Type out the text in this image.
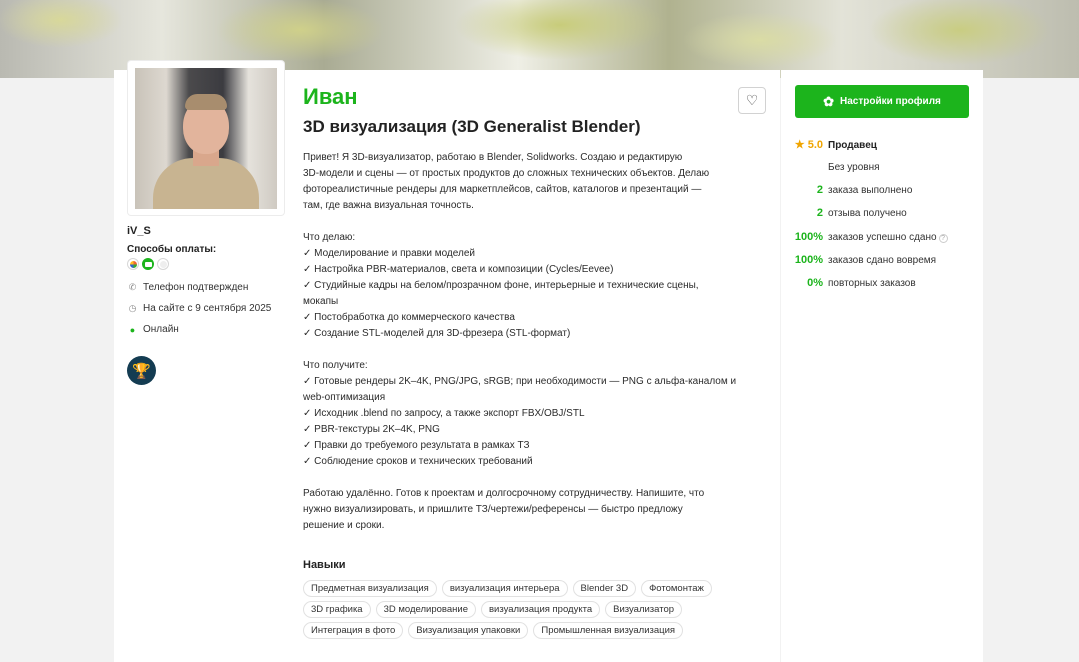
iV_S
Способы оплаты:
✆ Телефон подтвержден
◷ На сайте с 9 сентября 2025
● Онлайн
🏆
Иван
3D визуализация (3D Generalist Blender)
♡
Привет! Я 3D-визуализатор, работаю в Blender, Solidworks. Создаю и редактирую
3D-модели и сцены — от простых продуктов до сложных технических объектов. Делаю
фотореалистичные рендеры для маркетплейсов, сайтов, каталогов и презентаций —
там, где важна визуальная точность.
Что делаю:
✓ Моделирование и правки моделей
✓ Настройка PBR-материалов, света и композиции (Cycles/Eevee)
✓ Студийные кадры на белом/прозрачном фоне, интерьерные и технические сцены,
мокапы
✓ Постобработка до коммерческого качества
✓ Создание STL-моделей для 3D-фрезера (STL-формат)
Что получите:
✓ Готовые рендеры 2K–4K, PNG/JPG, sRGB; при необходимости — PNG с альфа-каналом и
web-оптимизация
✓ Исходник .blend по запросу, а также экспорт FBX/OBJ/STL
✓ PBR-текстуры 2K–4K, PNG
✓ Правки до требуемого результата в рамках ТЗ
✓ Соблюдение сроков и технических требований
Работаю удалённо. Готов к проектам и долгосрочному сотрудничеству. Напишите, что
нужно визуализировать, и пришлите ТЗ/чертежи/референсы — быстро предложу
решение и сроки.
Навыки
Предметная визуализация	визуализация интерьера	Blender 3D	Фотомонтаж
3D графика	3D моделирование	визуализация продукта	Визуализатор
Интеграция в фото	Визуализация упаковки	Промышленная визуализация
✿ Настройки профиля
★ 5.0 Продавец
Без уровня
2 заказа выполнено
2 отзыва получено
100% заказов успешно сдано ?
100% заказов сдано вовремя
0% повторных заказов
